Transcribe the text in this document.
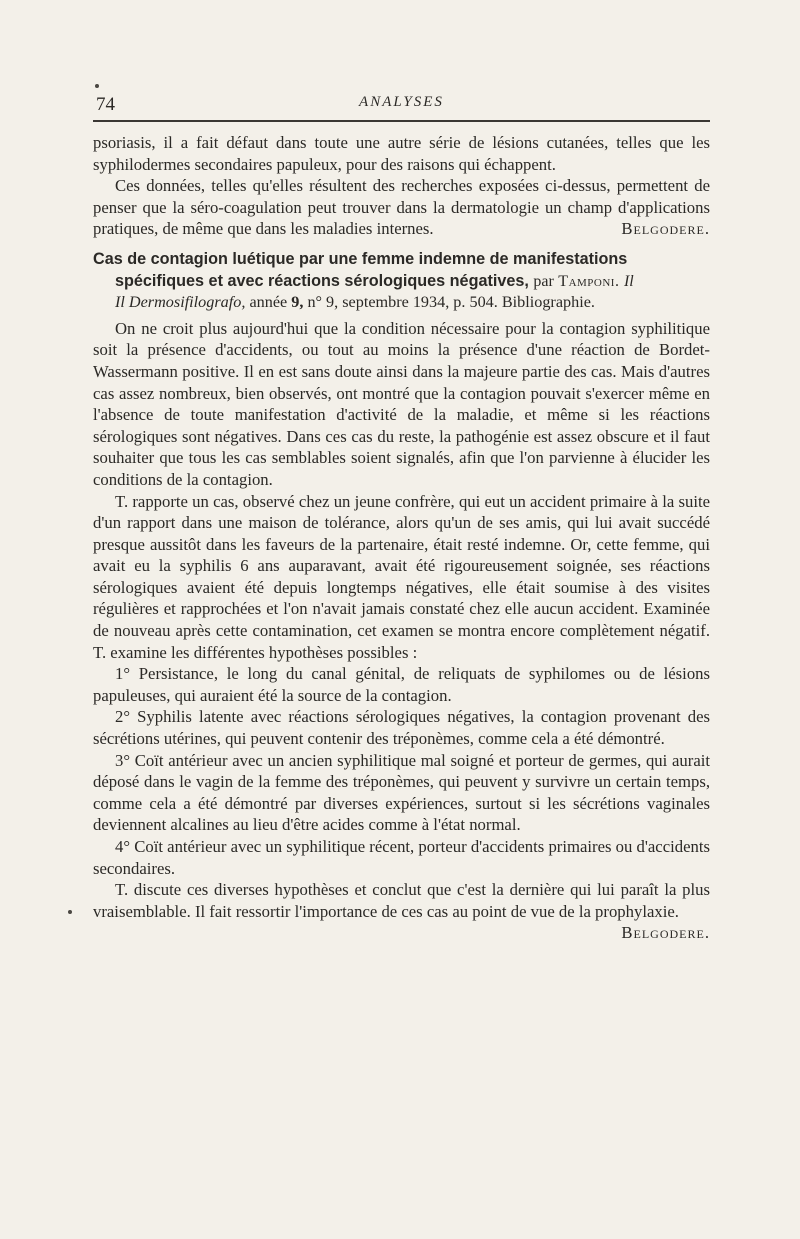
74	ANALYSES

psoriasis, il a fait défaut dans toute une autre série de lésions cutanées, telles que les syphilodermes secondaires papuleux, pour des raisons qui échappent.

Ces données, telles qu'elles résultent des recherches exposées ci-dessus, permettent de penser que la séro-coagulation peut trouver dans la dermatologie un champ d'applications pratiques, de même que dans les maladies internes.	Belgodere.

Cas de contagion luétique par une femme indemne de manifestations
spécifiques et avec réactions sérologiques négatives, par Tamponi. Il
Il Dermosifilografo, année 9, n° 9, septembre 1934, p. 504. Bibliographie.

On ne croit plus aujourd'hui que la condition nécessaire pour la contagion syphilitique soit la présence d'accidents, ou tout au moins la présence d'une réaction de Bordet-Wassermann positive. Il en est sans doute ainsi dans la majeure partie des cas. Mais d'autres cas assez nombreux, bien observés, ont montré que la contagion pouvait s'exercer même en l'absence de toute manifestation d'activité de la maladie, et même si les réactions sérologiques sont négatives. Dans ces cas du reste, la pathogénie est assez obscure et il faut souhaiter que tous les cas semblables soient signalés, afin que l'on parvienne à élucider les conditions de la contagion.

T. rapporte un cas, observé chez un jeune confrère, qui eut un accident primaire à la suite d'un rapport dans une maison de tolérance, alors qu'un de ses amis, qui lui avait succédé presque aussitôt dans les faveurs de la partenaire, était resté indemne. Or, cette femme, qui avait eu la syphilis 6 ans auparavant, avait été rigoureusement soignée, ses réactions sérologiques avaient été depuis longtemps négatives, elle était soumise à des visites régulières et rapprochées et l'on n'avait jamais constaté chez elle aucun accident. Examinée de nouveau après cette contamination, cet examen se montra encore complètement négatif. T. examine les différentes hypothèses possibles :

1° Persistance, le long du canal génital, de reliquats de syphilomes ou de lésions papuleuses, qui auraient été la source de la contagion.

2° Syphilis latente avec réactions sérologiques négatives, la contagion provenant des sécrétions utérines, qui peuvent contenir des tréponèmes, comme cela a été démontré.

3° Coït antérieur avec un ancien syphilitique mal soigné et porteur de germes, qui aurait déposé dans le vagin de la femme des tréponèmes, qui peuvent y survivre un certain temps, comme cela a été démontré par diverses expériences, surtout si les sécrétions vaginales deviennent alcalines au lieu d'être acides comme à l'état normal.

4° Coït antérieur avec un syphilitique récent, porteur d'accidents primaires ou d'accidents secondaires.

T. discute ces diverses hypothèses et conclut que c'est la dernière qui lui paraît la plus vraisemblable. Il fait ressortir l'importance de ces cas au point de vue de la prophylaxie.
Belgodere.
